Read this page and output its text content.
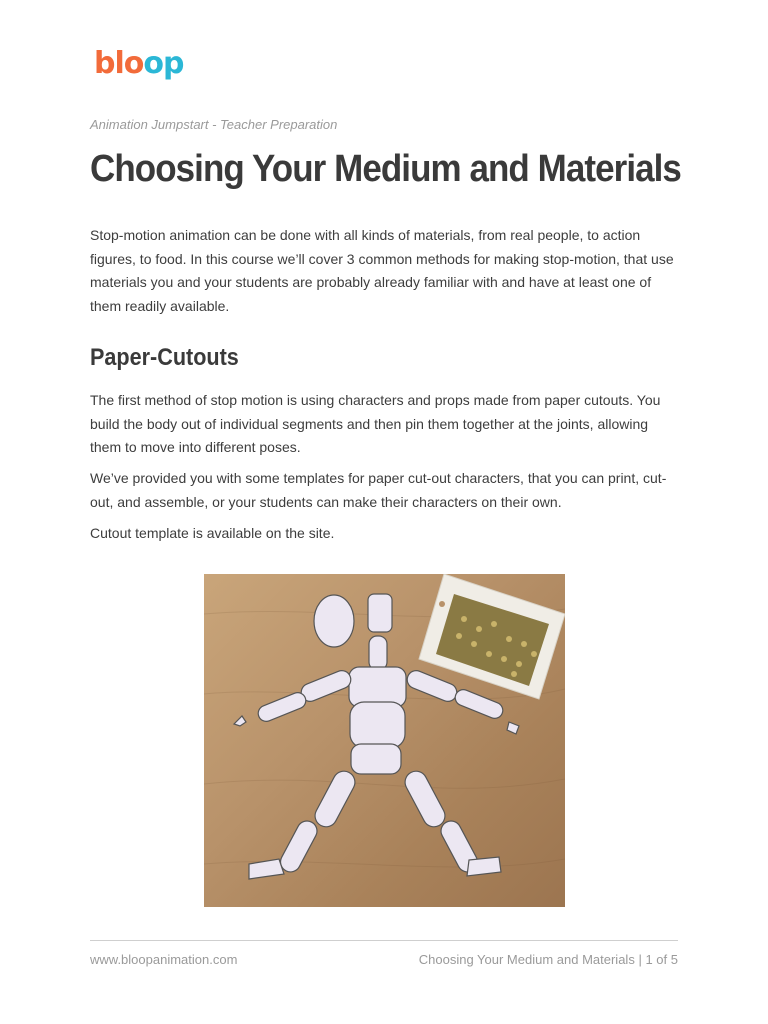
b l o o p
Animation Jumpstart - Teacher Preparation
Choosing Your Medium and Materials

Stop-motion animation can be done with all kinds of materials, from real people, to action figures, to food. In this course we’ll cover 3 common methods for making stop-motion, that use materials you and your students are probably already familiar with and have at least one of them readily available.

Paper-Cutouts

The first method of stop motion is using characters and props made from paper cutouts. You build the body out of individual segments and then pin them together at the joints, allowing them to move into different poses.

We’ve provided you with some templates for paper cut-out characters, that you can print, cut-out, and assemble, or your students can make their characters on their own.

Cutout template is available on the site.

www.bloopanimation.com	Choosing Your Medium and Materials | 1 of 5
